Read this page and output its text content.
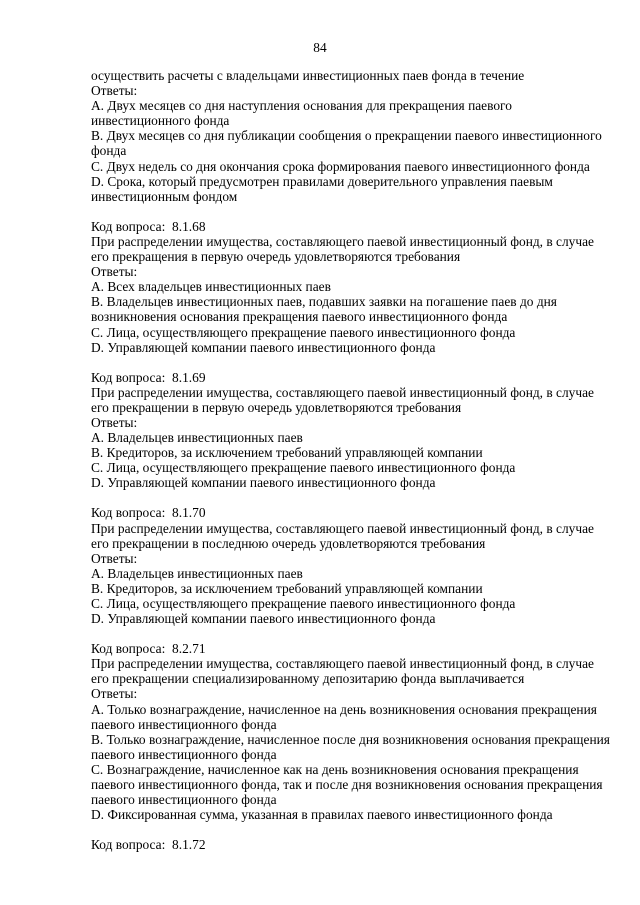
84
осуществить расчеты с владельцами инвестиционных паев фонда в течение
Ответы:
A. Двух месяцев со дня наступления основания для прекращения паевого
инвестиционного фонда
B. Двух месяцев со дня публикации сообщения о прекращении паевого инвестиционного
фонда
C. Двух недель со дня окончания срока формирования паевого инвестиционного фонда
D. Срока, который предусмотрен правилами доверительного управления паевым
инвестиционным фондом
Код вопроса: 8.1.68
При распределении имущества, составляющего паевой инвестиционный фонд, в случае
его прекращения в первую очередь удовлетворяются требования
Ответы:
A. Всех владельцев инвестиционных паев
B. Владельцев инвестиционных паев, подавших заявки на погашение паев до дня
возникновения основания прекращения паевого инвестиционного фонда
C. Лица, осуществляющего прекращение паевого инвестиционного фонда
D. Управляющей компании паевого инвестиционного фонда
Код вопроса: 8.1.69
При распределении имущества, составляющего паевой инвестиционный фонд, в случае
его прекращении в первую очередь удовлетворяются требования
Ответы:
A. Владельцев инвестиционных паев
B. Кредиторов, за исключением требований управляющей компании
C. Лица, осуществляющего прекращение паевого инвестиционного фонда
D. Управляющей компании паевого инвестиционного фонда
Код вопроса: 8.1.70
При распределении имущества, составляющего паевой инвестиционный фонд, в случае
его прекращении в последнюю очередь удовлетворяются требования
Ответы:
A. Владельцев инвестиционных паев
B. Кредиторов, за исключением требований управляющей компании
C. Лица, осуществляющего прекращение паевого инвестиционного фонда
D. Управляющей компании паевого инвестиционного фонда
Код вопроса: 8.2.71
При распределении имущества, составляющего паевой инвестиционный фонд, в случае
его прекращении специализированному депозитарию фонда выплачивается
Ответы:
A. Только вознаграждение, начисленное на день возникновения основания прекращения
паевого инвестиционного фонда
B. Только вознаграждение, начисленное после дня возникновения основания прекращения
паевого инвестиционного фонда
C. Вознаграждение, начисленное как на день возникновения основания прекращения
паевого инвестиционного фонда, так и после дня возникновения основания прекращения
паевого инвестиционного фонда
D. Фиксированная сумма, указанная в правилах паевого инвестиционного фонда
Код вопроса: 8.1.72
